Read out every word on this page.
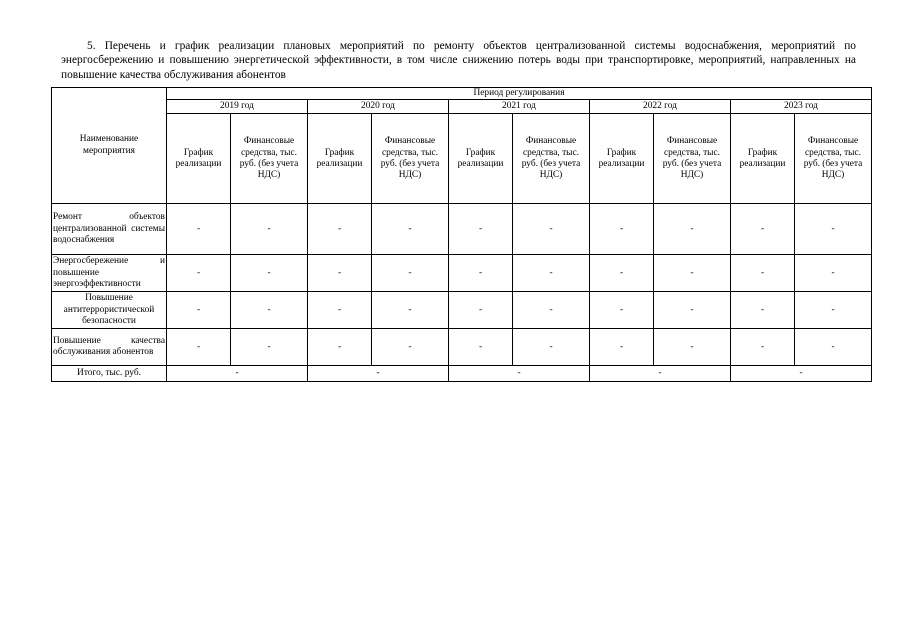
5. Перечень и график реализации плановых мероприятий по ремонту объектов централизованной системы водоснабжения, мероприятий по энергосбережению и повышению энергетической эффективности, в том числе снижению потерь воды при транспортировке, мероприятий, направленных на повышение качества обслуживания абонентов
Наименование мероприятия	Период регулирования									
	2019 год		2020 год		2021 год		2022 год		2023 год	
	График реализации	Финансовые средства, тыс. руб. (без учета НДС)	График реализации	Финансовые средства, тыс. руб. (без учета НДС)	График реализации	Финансовые средства, тыс. руб. (без учета НДС)	График реализации	Финансовые средства, тыс. руб. (без учета НДС)	График реализации	Финансовые средства, тыс. руб. (без учета НДС)
Ремонт объектов централизованной системы водоснабжения	-	-	-	-	-	-	-	-	-	-
Энергосбережение и повышение энергоэффективности	-	-	-	-	-	-	-	-	-	-
Повышение антитеррористической безопасности	-	-	-	-	-	-	-	-	-	-
Повышение качества обслуживания абонентов	-	-	-	-	-	-	-	-	-	-
Итого, тыс. руб.	-		-		-		-		-	
